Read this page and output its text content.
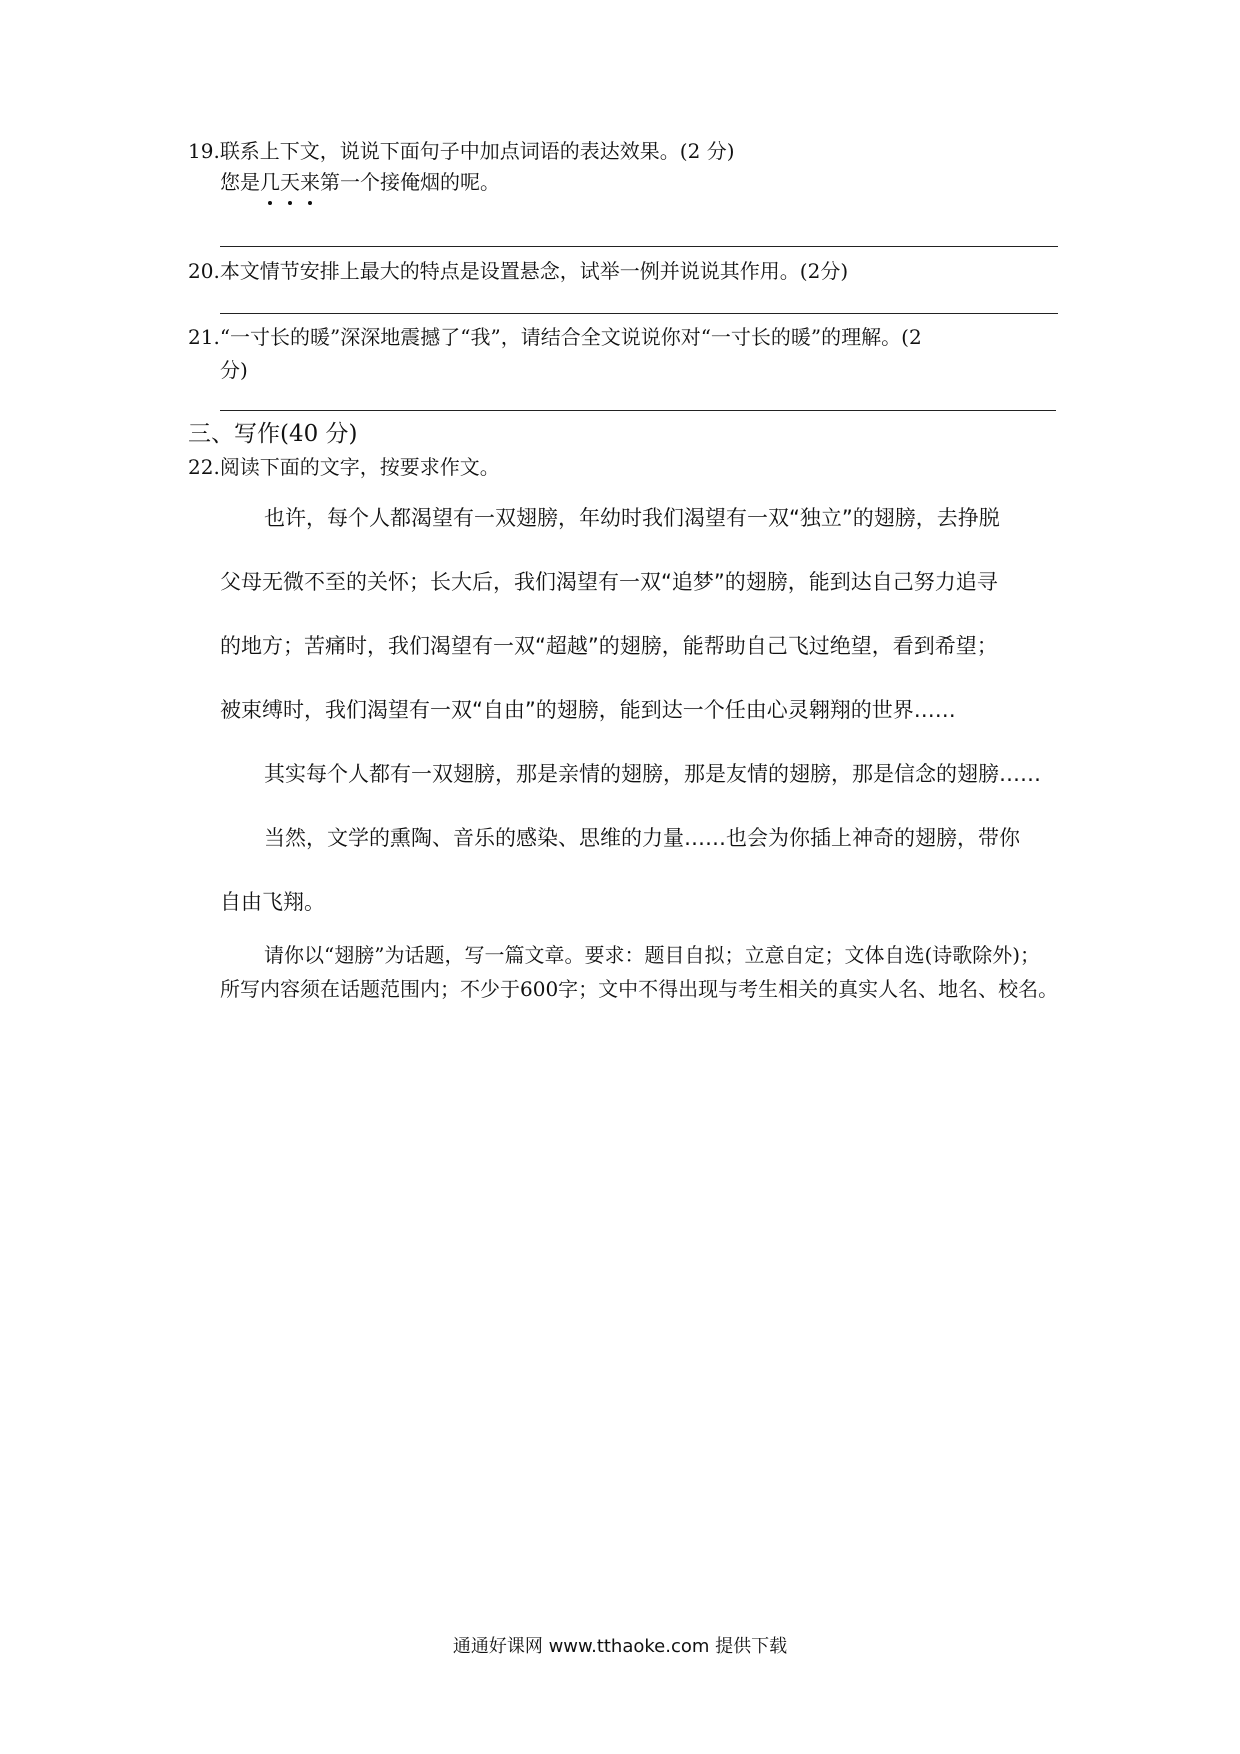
19.联系上下文，说说下面句子中加点词语的表达效果。(2 分)

您是几天来第一个接俺烟的呢。

20.本文情节安排上最大的特点是设置悬念，试举一例并说说其作用。(2分)

21.“一寸长的暖”深深地震撼了“我”，请结合全文说说你对“一寸长的暖”的理解。(2

分)

三、写作(40 分)

22.阅读下面的文字，按要求作文。

也许，每个人都渴望有一双翅膀，年幼时我们渴望有一双“独立”的翅膀，去挣脱

父母无微不至的关怀；长大后，我们渴望有一双“追梦”的翅膀，能到达自己努力追寻

的地方；苦痛时，我们渴望有一双“超越”的翅膀，能帮助自己飞过绝望，看到希望；

被束缚时，我们渴望有一双“自由”的翅膀，能到达一个任由心灵翱翔的世界……

其实每个人都有一双翅膀，那是亲情的翅膀，那是友情的翅膀，那是信念的翅膀……

当然，文学的熏陶、音乐的感染、思维的力量……也会为你插上神奇的翅膀，带你

自由飞翔。

请你以“翅膀”为话题，写一篇文章。要求：题目自拟；立意自定；文体自选(诗歌除外)；所写内容须在话题范围内；不少于600字；文中不得出现与考生相关的真实人名、地名、校名。

通通好课网 www.tthaoke.com 提供下载
